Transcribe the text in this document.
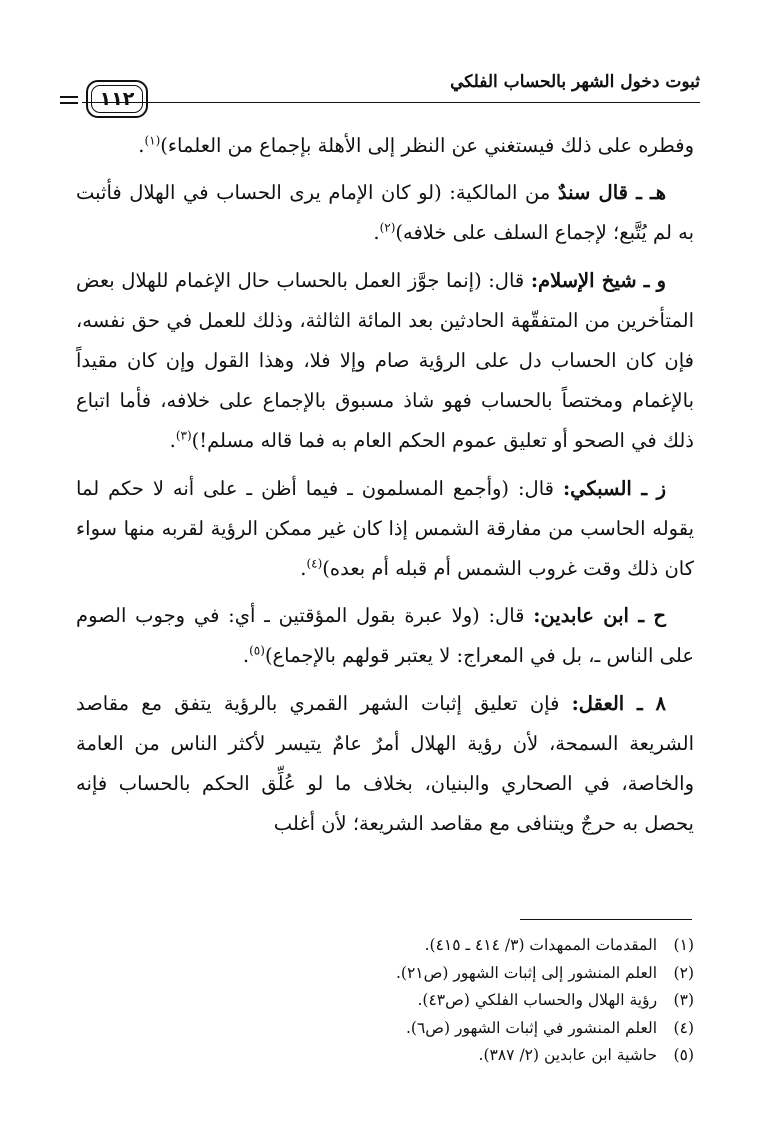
١١٢
ثبوت دخول الشهر بالحساب الفلكي

وفطره على ذلك فيستغني عن النظر إلى الأهلة بإجماع من العلماء)$^{(١)}$.

هـ ـ قال سندٌ من المالكية: (لو كان الإمام يرى الحساب في الهلال فأثبت به لم يُتَّبع؛ لإجماع السلف على خلافه)$^{(٢)}$.

و ـ شيخ الإسلام: قال: (إنما جوَّز العمل بالحساب حال الإغمام للهلال بعض المتأخرين من المتفقّهة الحادثين بعد المائة الثالثة، وذلك للعمل في حق نفسه، فإن كان الحساب دل على الرؤية صام وإلا فلا، وهذا القول وإن كان مقيداً بالإغمام ومختصاً بالحساب فهو شاذ مسبوق بالإجماع على خلافه، فأما اتباع ذلك في الصحو أو تعليق عموم الحكم العام به فما قاله مسلم!)$^{(٣)}$.

ز ـ السبكي: قال: (وأجمع المسلمون ـ فيما أظن ـ على أنه لا حكم لما يقوله الحاسب من مفارقة الشمس إذا كان غير ممكن الرؤية لقربه منها سواء كان ذلك وقت غروب الشمس أم قبله أم بعده)$^{(٤)}$.

ح ـ ابن عابدين: قال: (ولا عبرة بقول المؤقتين ـ أي: في وجوب الصوم على الناس ـ، بل في المعراج: لا يعتبر قولهم بالإجماع)$^{(٥)}$.

٨ ـ العقل: فإن تعليق إثبات الشهر القمري بالرؤية يتفق مع مقاصد الشريعة السمحة، لأن رؤية الهلال أمرٌ عامٌ يتيسر لأكثر الناس من العامة والخاصة، في الصحاري والبنيان، بخلاف ما لو عُلِّق الحكم بالحساب فإنه يحصل به حرجٌ ويتنافى مع مقاصد الشريعة؛ لأن أغلب

(١) المقدمات الممهدات (٣/ ٤١٤ ـ ٤١٥).
(٢) العلم المنشور إلى إثبات الشهور (ص٢١).
(٣) رؤية الهلال والحساب الفلكي (ص٤٣).
(٤) العلم المنشور في إثبات الشهور (ص٦).
(٥) حاشية ابن عابدين (٢/ ٣٨٧).
